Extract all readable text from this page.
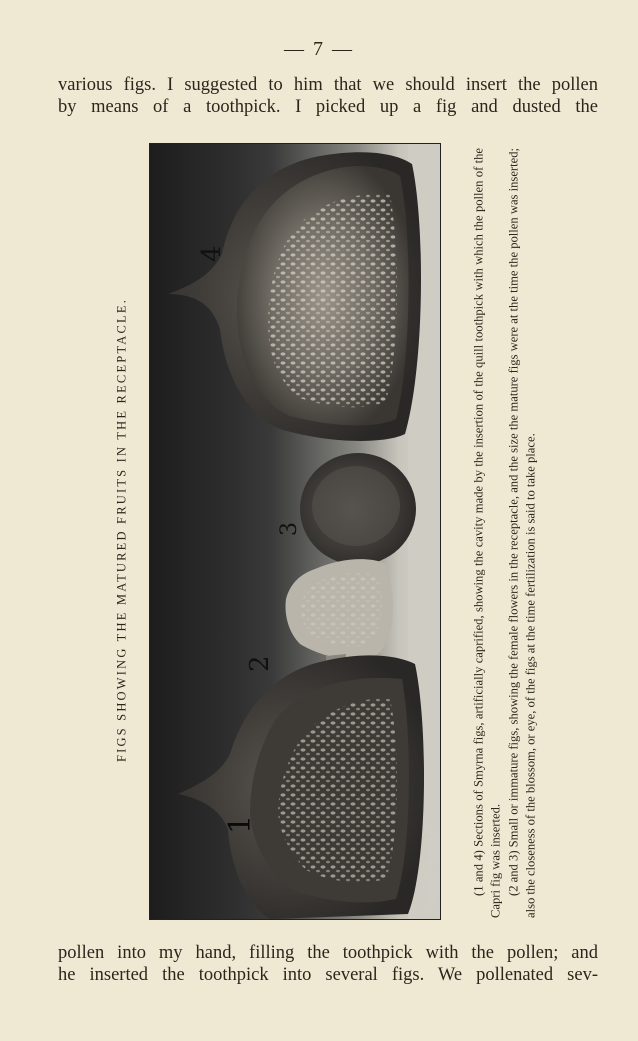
— 7 —
various figs. I suggested to him that we should insert the pollen
by means of a toothpick. I picked up a fig and dusted the
FIGS SHOWING THE MATURED FRUITS IN THE RECEPTACLE.
4
3
2
1
DEWEY ENG.CO.S.F.	(1 and 4) Sections of Smyrna figs, artificially caprified, showing the cavity made by the insertion of the quill toothpick with which the pollen of the Capri fig was inserted. (2 and 3) Small or immature figs, showing the female flowers in the receptacle, and the size the mature figs were at the time the pollen was inserted; also the closeness of the blossom, or eye, of the figs at the time fertilization is said to take place.

pollen into my hand, filling the toothpick with the pollen; and
he inserted the toothpick into several figs. We pollenated sev-
